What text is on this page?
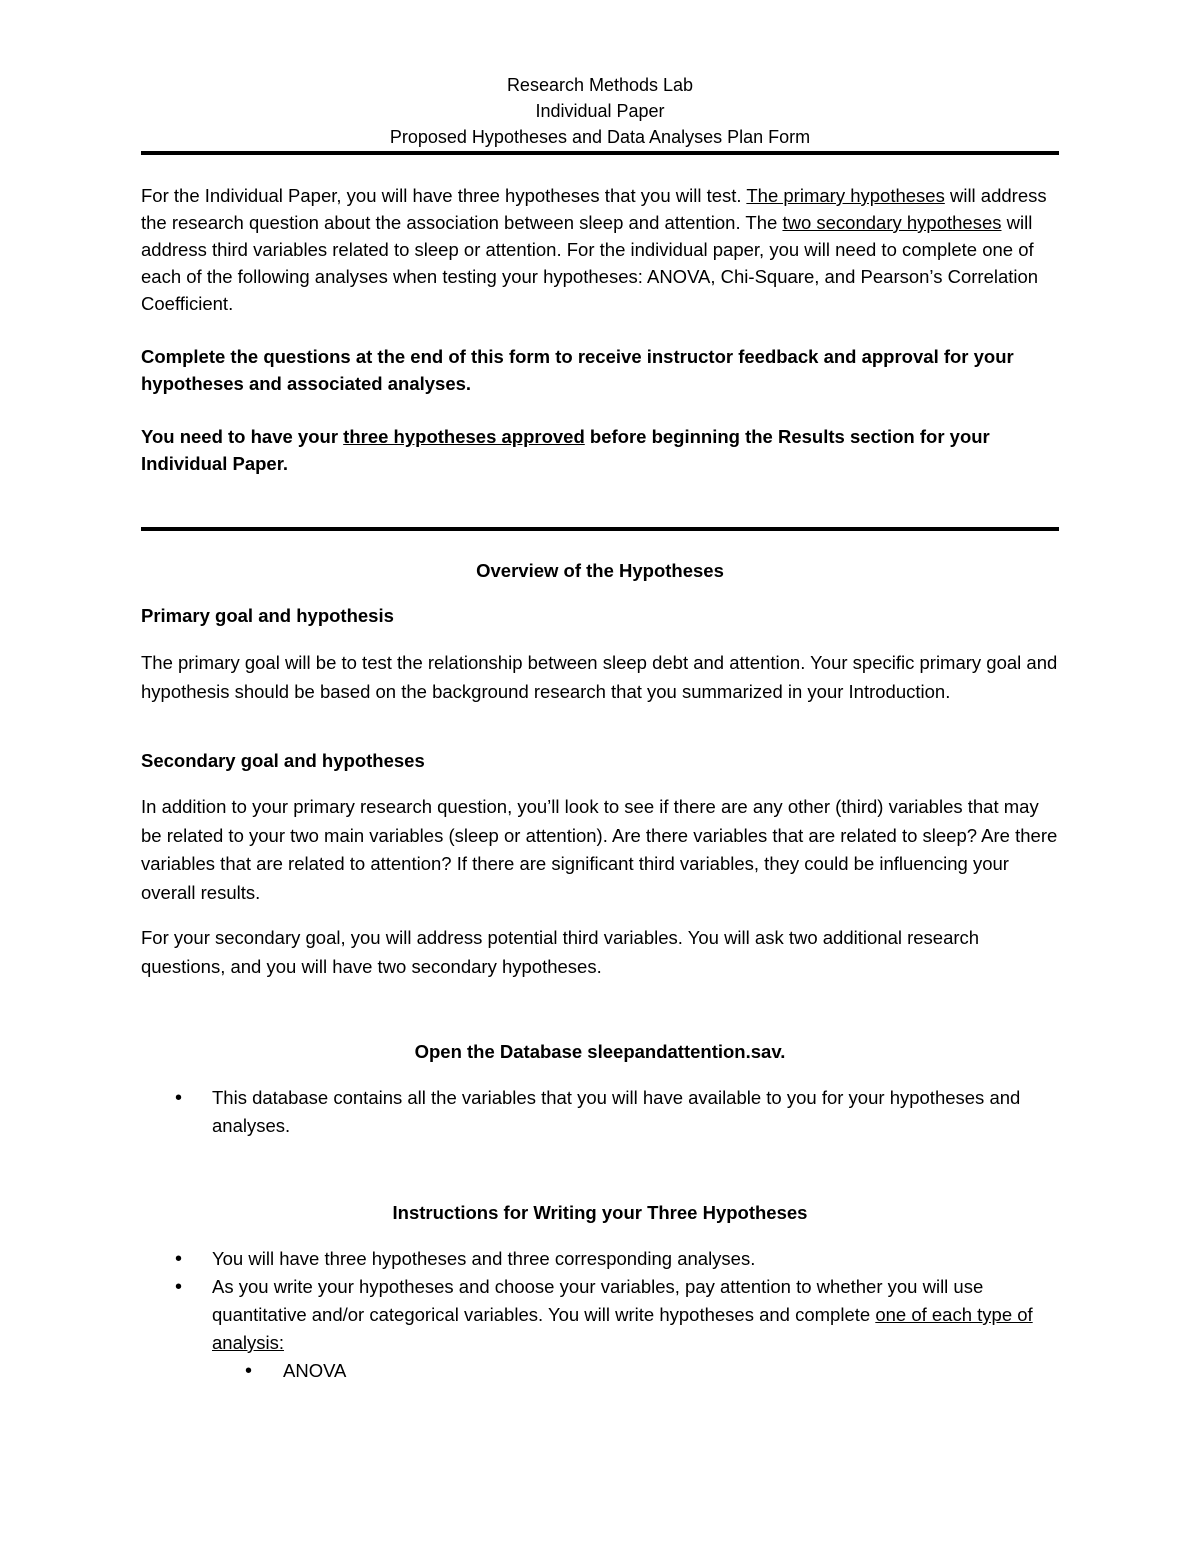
Research Methods Lab
Individual Paper
Proposed Hypotheses and Data Analyses Plan Form
For the Individual Paper, you will have three hypotheses that you will test. The primary hypotheses will address the research question about the association between sleep and attention. The two secondary hypotheses will address third variables related to sleep or attention. For the individual paper, you will need to complete one of each of the following analyses when testing your hypotheses: ANOVA, Chi-Square, and Pearson’s Correlation Coefficient.
Complete the questions at the end of this form to receive instructor feedback and approval for your hypotheses and associated analyses.
You need to have your three hypotheses approved before beginning the Results section for your Individual Paper.
Overview of the Hypotheses
Primary goal and hypothesis
The primary goal will be to test the relationship between sleep debt and attention. Your specific primary goal and hypothesis should be based on the background research that you summarized in your Introduction.
Secondary goal and hypotheses
In addition to your primary research question, you’ll look to see if there are any other (third) variables that may be related to your two main variables (sleep or attention). Are there variables that are related to sleep? Are there variables that are related to attention? If there are significant third variables, they could be influencing your overall results.
For your secondary goal, you will address potential third variables. You will ask two additional research questions, and you will have two secondary hypotheses.
Open the Database sleepandattention.sav.
• This database contains all the variables that you will have available to you for your hypotheses and analyses.
Instructions for Writing your Three Hypotheses
• You will have three hypotheses and three corresponding analyses.
• As you write your hypotheses and choose your variables, pay attention to whether you will use quantitative and/or categorical variables. You will write hypotheses and complete one of each type of analysis:
• ANOVA
